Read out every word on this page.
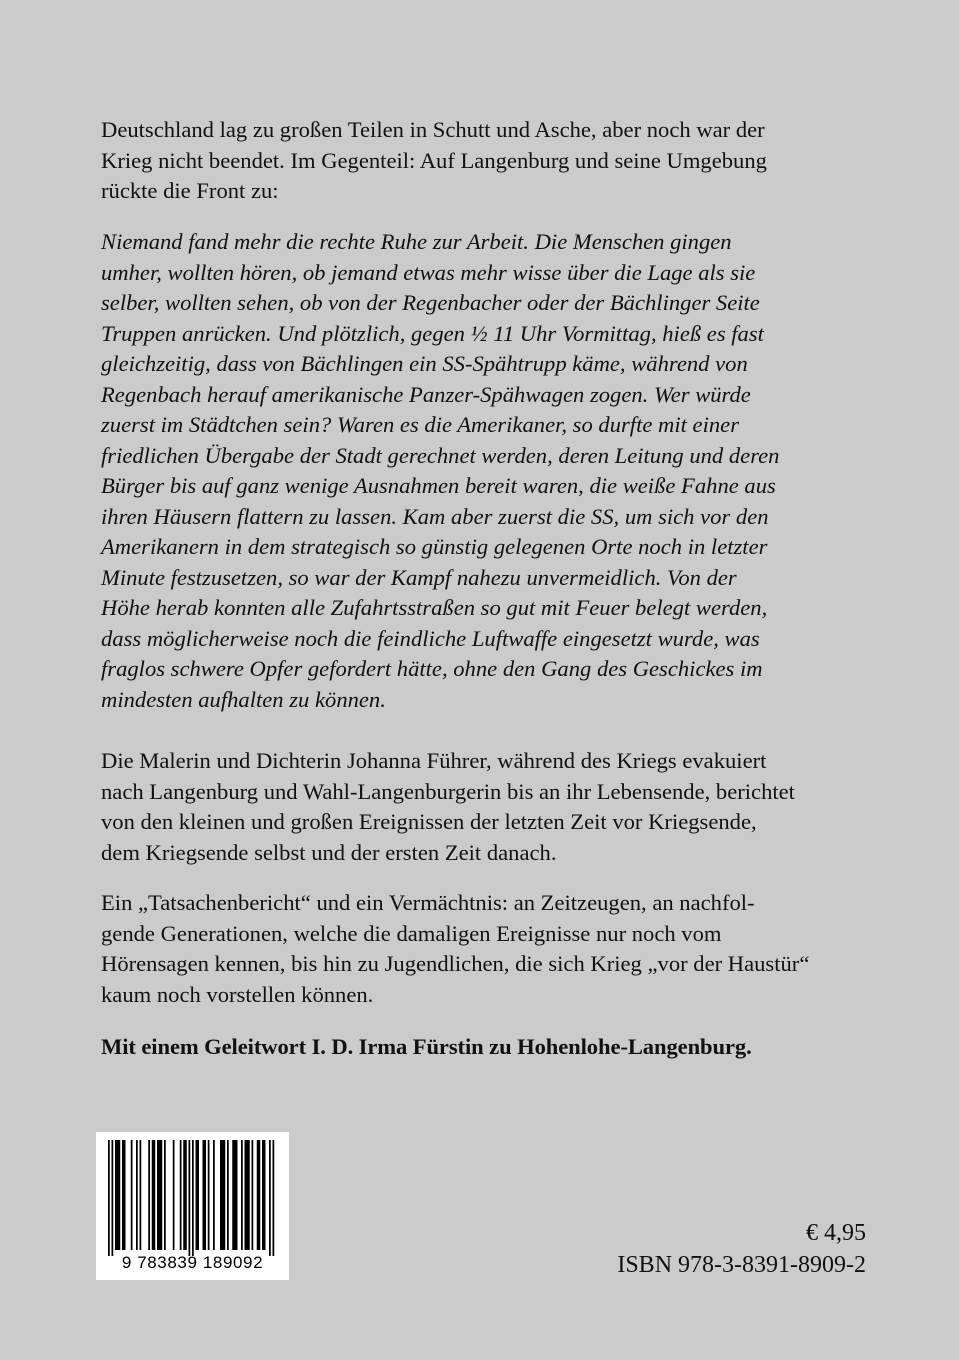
Deutschland lag zu großen Teilen in Schutt und Asche, aber noch war der

Krieg nicht beendet. Im Gegenteil: Auf Langenburg und seine Umgebung

rückte die Front zu:

Niemand fand mehr die rechte Ruhe zur Arbeit. Die Menschen gingen

umher, wollten hören, ob jemand etwas mehr wisse über die Lage als sie

selber, wollten sehen, ob von der Regenbacher oder der Bächlinger Seite

Truppen anrücken. Und plötzlich, gegen ½ 11 Uhr Vormittag, hieß es fast

gleichzeitig, dass von Bächlingen ein SS-Spähtrupp käme, während von

Regenbach herauf amerikanische Panzer-Spähwagen zogen. Wer würde

zuerst im Städtchen sein? Waren es die Amerikaner, so durfte mit einer

friedlichen Übergabe der Stadt gerechnet werden, deren Leitung und deren

Bürger bis auf ganz wenige Ausnahmen bereit waren, die weiße Fahne aus

ihren Häusern flattern zu lassen. Kam aber zuerst die SS, um sich vor den

Amerikanern in dem strategisch so günstig gelegenen Orte noch in letzter

Minute festzusetzen, so war der Kampf nahezu unvermeidlich. Von der

Höhe herab konnten alle Zufahrtsstraßen so gut mit Feuer belegt werden,

dass möglicherweise noch die feindliche Luftwaffe eingesetzt wurde, was

fraglos schwere Opfer gefordert hätte, ohne den Gang des Geschickes im

mindesten aufhalten zu können.

Die Malerin und Dichterin Johanna Führer, während des Kriegs evakuiert

nach Langenburg und Wahl-Langenburgerin bis an ihr Lebensende, berichtet

von den kleinen und großen Ereignissen der letzten Zeit vor Kriegsende,

dem Kriegsende selbst und der ersten Zeit danach.

Ein „Tatsachenbericht“ und ein Vermächtnis: an Zeitzeugen, an nachfol-

gende Generationen, welche die damaligen Ereignisse nur noch vom

Hörensagen kennen, bis hin zu Jugendlichen, die sich Krieg „vor der Haustür“

kaum noch vorstellen können.

Mit einem Geleitwort I. D. Irma Fürstin zu Hohenlohe-Langenburg.
9 783839 189092
€ 4,95
ISBN 978-3-8391-8909-2
